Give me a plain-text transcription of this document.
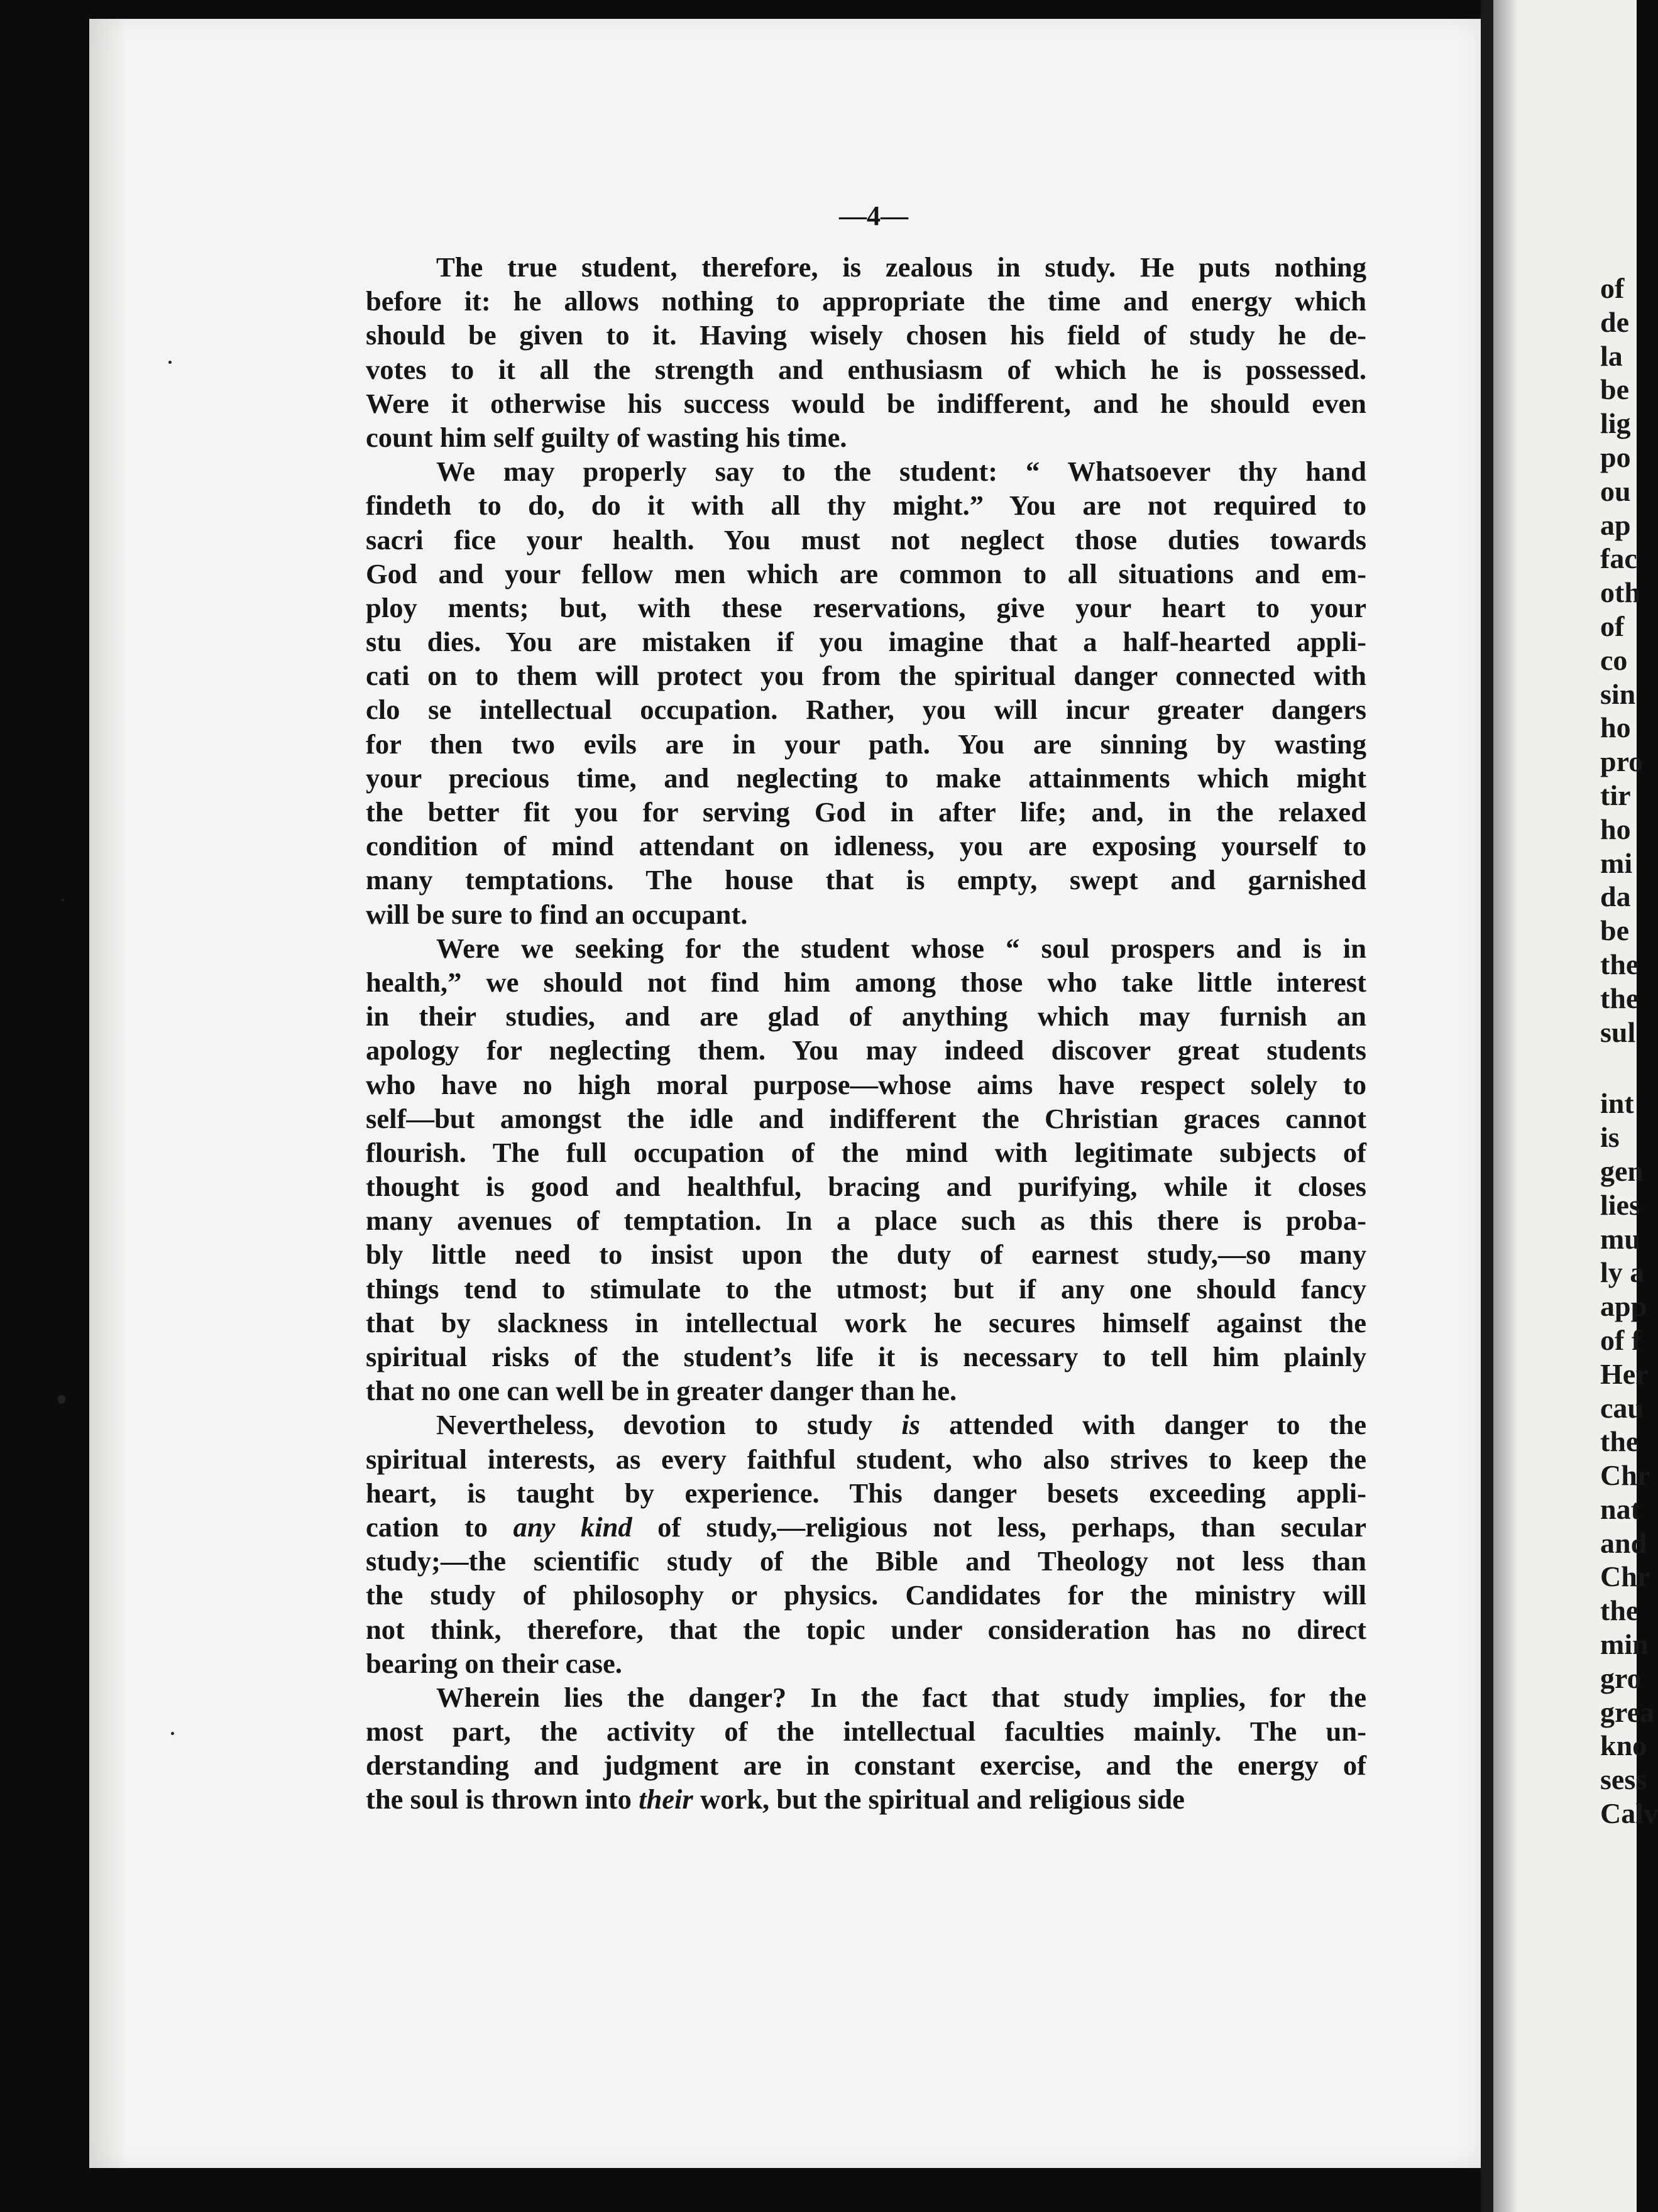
—4—
The true student, therefore, is zealous in study. He puts nothing
before it: he allows nothing to appropriate the time and energy which
should be given to it. Having wisely chosen his field of study he de-
votes to it all the strength and enthusiasm of which he is possessed.
Were it otherwise his success would be indifferent, and he should even
count him self guilty of wasting his time.
We may properly say to the student: “ Whatsoever thy hand
findeth to do, do it with all thy might.” You are not required to
sacri fice your health. You must not neglect those duties towards
God and your fellow men which are common to all situations and em-
ploy ments; but, with these reservations, give your heart to your
stu dies. You are mistaken if you imagine that a half-hearted appli-
cati on to them will protect you from the spiritual danger connected with
clo se intellectual occupation. Rather, you will incur greater dangers
for then two evils are in your path. You are sinning by wasting
your precious time, and neglecting to make attainments which might
the better fit you for serving God in after life; and, in the relaxed
condition of mind attendant on idleness, you are exposing yourself to
many temptations. The house that is empty, swept and garnished
will be sure to find an occupant.
Were we seeking for the student whose “ soul prospers and is in
health,” we should not find him among those who take little interest
in their studies, and are glad of anything which may furnish an
apology for neglecting them. You may indeed discover great students
who have no high moral purpose—whose aims have respect solely to
self—but amongst the idle and indifferent the Christian graces cannot
flourish. The full occupation of the mind with legitimate subjects of
thought is good and healthful, bracing and purifying, while it closes
many avenues of temptation. In a place such as this there is proba-
bly little need to insist upon the duty of earnest study,—so many
things tend to stimulate to the utmost; but if any one should fancy
that by slackness in intellectual work he secures himself against the
spiritual risks of the student’s life it is necessary to tell him plainly
that no one can well be in greater danger than he.
Nevertheless, devotion to study is attended with danger to the
spiritual interests, as every faithful student, who also strives to keep the
heart, is taught by experience. This danger besets exceeding appli-
cation to any kind of study,—religious not less, perhaps, than secular
study;—the scientific study of the Bible and Theology not less than
the study of philosophy or physics. Candidates for the ministry will
not think, therefore, that the topic under consideration has no direct
bearing on their case.
Wherein lies the danger? In the fact that study implies, for the
most part, the activity of the intellectual faculties mainly. The un-
derstanding and judgment are in constant exercise, and the energy of
the soul is thrown into their work, but the spiritual and religious side
of
de
la
be
lig
po
ou
ap
fac
oth
of
co
sin
ho
pro
tir
ho
mi
da
be
the
the
sul
int
is
gen
lies
mu
ly a
app
of f
Her
cau
the
Chr
nat
and
Chr
the
min
gro
grea
kno
sess
Calv
